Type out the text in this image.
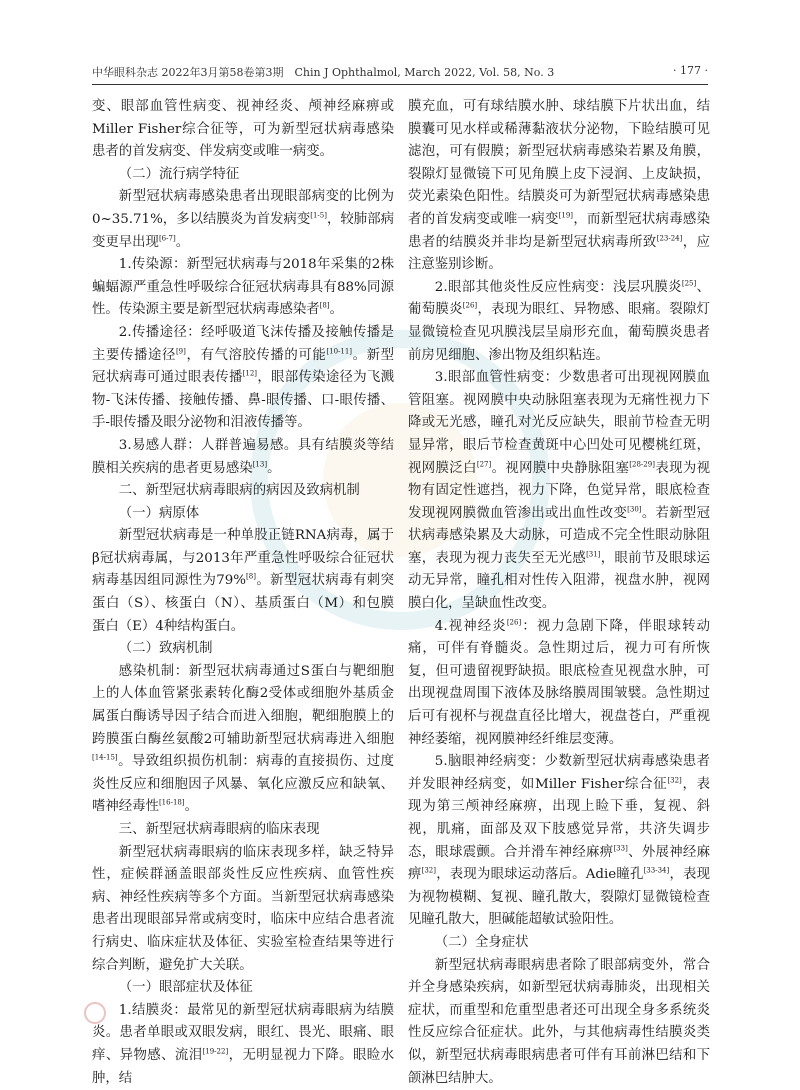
中华眼科杂志 2022年3月第58卷第3期　Chin J Ophthalmol, March 2022, Vol. 58, No. 3	· 177 ·

变、眼部血管性病变、视神经炎、颅神经麻痹或Miller Fisher综合征等，可为新型冠状病毒感染患者的首发病变、伴发病变或唯一病变。

（二）流行病学特征

新型冠状病毒感染患者出现眼部病变的比例为0~35.71%，多以结膜炎为首发病变[1-5]，较肺部病变更早出现[6-7]。

1.传染源：新型冠状病毒与2018年采集的2株蝙蝠源严重急性呼吸综合征冠状病毒具有88%同源性。传染源主要是新型冠状病毒感染者[8]。

2.传播途径：经呼吸道飞沫传播及接触传播是主要传播途径[9]，有气溶胶传播的可能[10-11]。新型冠状病毒可通过眼表传播[12]，眼部传染途径为飞溅物-飞沫传播、接触传播、鼻-眼传播、口-眼传播、手-眼传播及眼分泌物和泪液传播等。

3.易感人群：人群普遍易感。具有结膜炎等结膜相关疾病的患者更易感染[13]。

二、新型冠状病毒眼病的病因及致病机制

（一）病原体

新型冠状病毒是一种单股正链RNA病毒，属于β冠状病毒属，与2013年严重急性呼吸综合征冠状病毒基因组同源性为79%[8]。新型冠状病毒有刺突蛋白（S）、核蛋白（N）、基质蛋白（M）和包膜蛋白（E）4种结构蛋白。

（二）致病机制

感染机制：新型冠状病毒通过S蛋白与靶细胞上的人体血管紧张素转化酶2受体或细胞外基质金属蛋白酶诱导因子结合而进入细胞，靶细胞膜上的跨膜蛋白酶丝氨酸2可辅助新型冠状病毒进入细胞[14-15]。导致组织损伤机制：病毒的直接损伤、过度炎性反应和细胞因子风暴、氧化应激反应和缺氧、嗜神经毒性[16-18]。

三、新型冠状病毒眼病的临床表现

新型冠状病毒眼病的临床表现多样，缺乏特异性，症候群涵盖眼部炎性反应性疾病、血管性疾病、神经性疾病等多个方面。当新型冠状病毒感染患者出现眼部异常或病变时，临床中应结合患者流行病史、临床症状及体征、实验室检查结果等进行综合判断，避免扩大关联。

（一）眼部症状及体征

1.结膜炎：最常见的新型冠状病毒眼病为结膜炎。患者单眼或双眼发病，眼红、畏光、眼痛、眼痒、异物感、流泪[19-22]，无明显视力下降。眼睑水肿，结

膜充血，可有球结膜水肿、球结膜下片状出血，结膜囊可见水样或稀薄黏液状分泌物，下睑结膜可见滤泡，可有假膜；新型冠状病毒感染若累及角膜，裂隙灯显微镜下可见角膜上皮下浸润、上皮缺损，荧光素染色阳性。结膜炎可为新型冠状病毒感染患者的首发病变或唯一病变[19]，而新型冠状病毒感染患者的结膜炎并非均是新型冠状病毒所致[23-24]，应注意鉴别诊断。

2.眼部其他炎性反应性病变：浅层巩膜炎[25]、葡萄膜炎[26]，表现为眼红、异物感、眼痛。裂隙灯显微镜检查见巩膜浅层呈扇形充血，葡萄膜炎患者前房见细胞、渗出物及组织粘连。

3.眼部血管性病变：少数患者可出现视网膜血管阻塞。视网膜中央动脉阻塞表现为无痛性视力下降或无光感，瞳孔对光反应缺失，眼前节检查无明显异常，眼后节检查黄斑中心凹处可见樱桃红斑，视网膜泛白[27]。视网膜中央静脉阻塞[28-29]表现为视物有固定性遮挡，视力下降，色觉异常，眼底检查发现视网膜微血管渗出或出血性改变[30]。若新型冠状病毒感染累及大动脉，可造成不完全性眼动脉阻塞，表现为视力丧失至无光感[31]，眼前节及眼球运动无异常，瞳孔相对性传入阻滞，视盘水肿，视网膜白化，呈缺血性改变。

4.视神经炎[26]：视力急剧下降，伴眼球转动痛，可伴有脊髓炎。急性期过后，视力可有所恢复，但可遗留视野缺损。眼底检查见视盘水肿，可出现视盘周围下液体及脉络膜周围皱襞。急性期过后可有视杯与视盘直径比增大，视盘苍白，严重视神经萎缩，视网膜神经纤维层变薄。

5.脑眼神经病变：少数新型冠状病毒感染患者并发眼神经病变，如Miller Fisher综合征[32]，表现为第三颅神经麻痹，出现上睑下垂，复视、斜视，肌痛，面部及双下肢感觉异常，共济失调步态，眼球震颤。合并滑车神经麻痹[33]、外展神经麻痹[32]，表现为眼球运动落后。Adie瞳孔[33-34]，表现为视物模糊、复视、瞳孔散大，裂隙灯显微镜检查见瞳孔散大，胆碱能超敏试验阳性。

（二）全身症状

新型冠状病毒眼病患者除了眼部病变外，常合并全身感染疾病，如新型冠状病毒肺炎，出现相关症状，而重型和危重型患者还可出现全身多系统炎性反应综合征症状。此外，与其他病毒性结膜炎类似，新型冠状病毒眼病患者可伴有耳前淋巴结和下颌淋巴结肿大。
